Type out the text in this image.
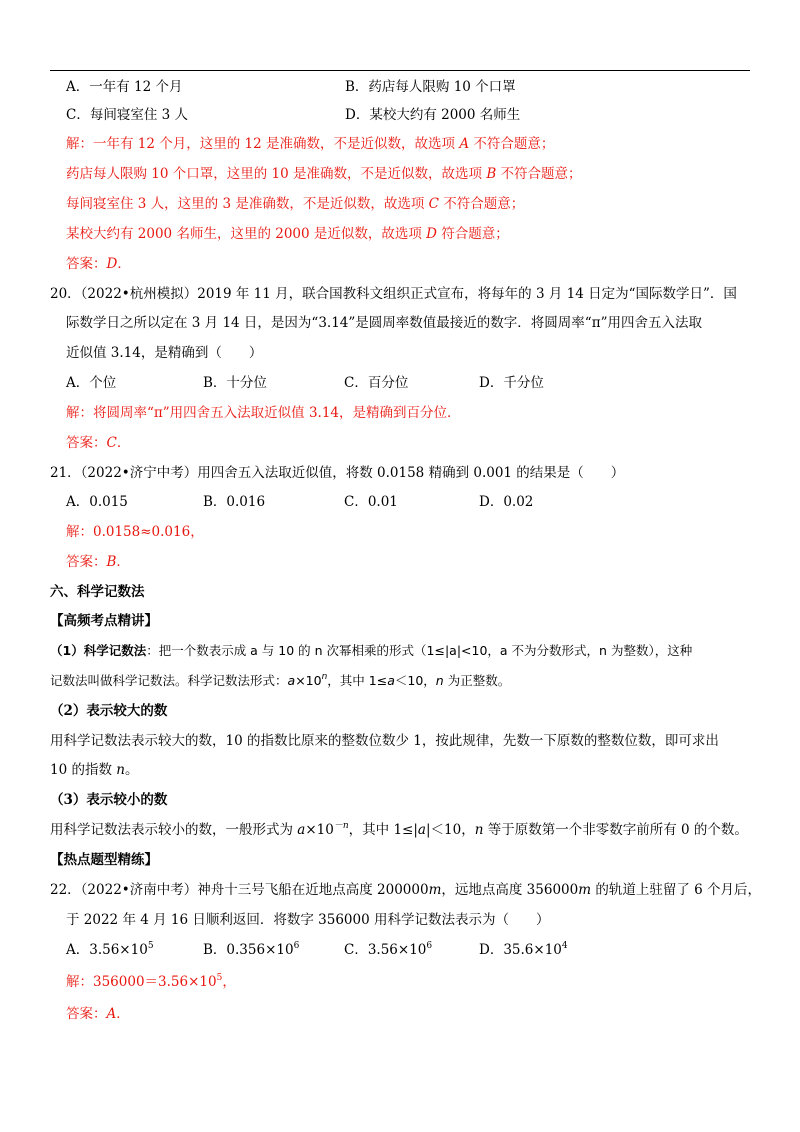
A．一年有 12 个月	B．药店每人限购 10 个口罩
C．每间寝室住 3 人	D．某校大约有 2000 名师生
解：一年有 12 个月，这里的 12 是准确数，不是近似数，故选项 A 不符合题意；
药店每人限购 10 个口罩，这里的 10 是准确数，不是近似数，故选项 B 不符合题意；
每间寝室住 3 人，这里的 3 是准确数，不是近似数，故选项 C 不符合题意；
某校大约有 2000 名师生，这里的 2000 是近似数，故选项 D 符合题意；
答案：D．
20．（2022•杭州模拟）2019 年 11 月，联合国教科文组织正式宣布，将每年的 3 月 14 日定为“国际数学日”．国
际数学日之所以定在 3 月 14 日，是因为“3.14”是圆周率数值最接近的数字．将圆周率“π”用四舍五入法取
近似值 3.14，是精确到（　　）
A．个位	B．十分位	C．百分位	D．千分位
解：将圆周率“π”用四舍五入法取近似值 3.14，是精确到百分位．
答案：C．
21．（2022•济宁中考）用四舍五入法取近似值，将数 0.0158 精确到 0.001 的结果是（　　）
A．0.015	B．0.016	C．0.01	D．0.02
解：0.0158≈0.016，
答案：B．
六、科学记数法
【高频考点精讲】
（1）科学记数法：把一个数表示成 a 与 10 的 n 次幂相乘的形式（1≤|a|<10，a 不为分数形式，n 为整数），这种
记数法叫做科学记数法。科学记数法形式：$a\times 10^n$，其中 1≤a＜10，n 为正整数。
（2）表示较大的数
用科学记数法表示较大的数，10 的指数比原来的整数位数少 1，按此规律，先数一下原数的整数位数，即可求出
10 的指数 n。
（3）表示较小的数
用科学记数法表示较小的数，一般形式为 $a\times 10^{-n}$，其中 1≤|a|＜10，n 等于原数第一个非零数字前所有 0 的个数。
【热点题型精练】
22．（2022•济南中考）神舟十三号飞船在近地点高度 200000m，远地点高度 356000m 的轨道上驻留了 6 个月后，
于 2022 年 4 月 16 日顺利返回．将数字 356000 用科学记数法表示为（　　）
A．$3.56\times 10^5$	B．$0.356\times 10^6$	C．$3.56\times 10^6$	D．$35.6\times 10^4$
解：$356000=3.56\times 10^5$，
答案：A．
